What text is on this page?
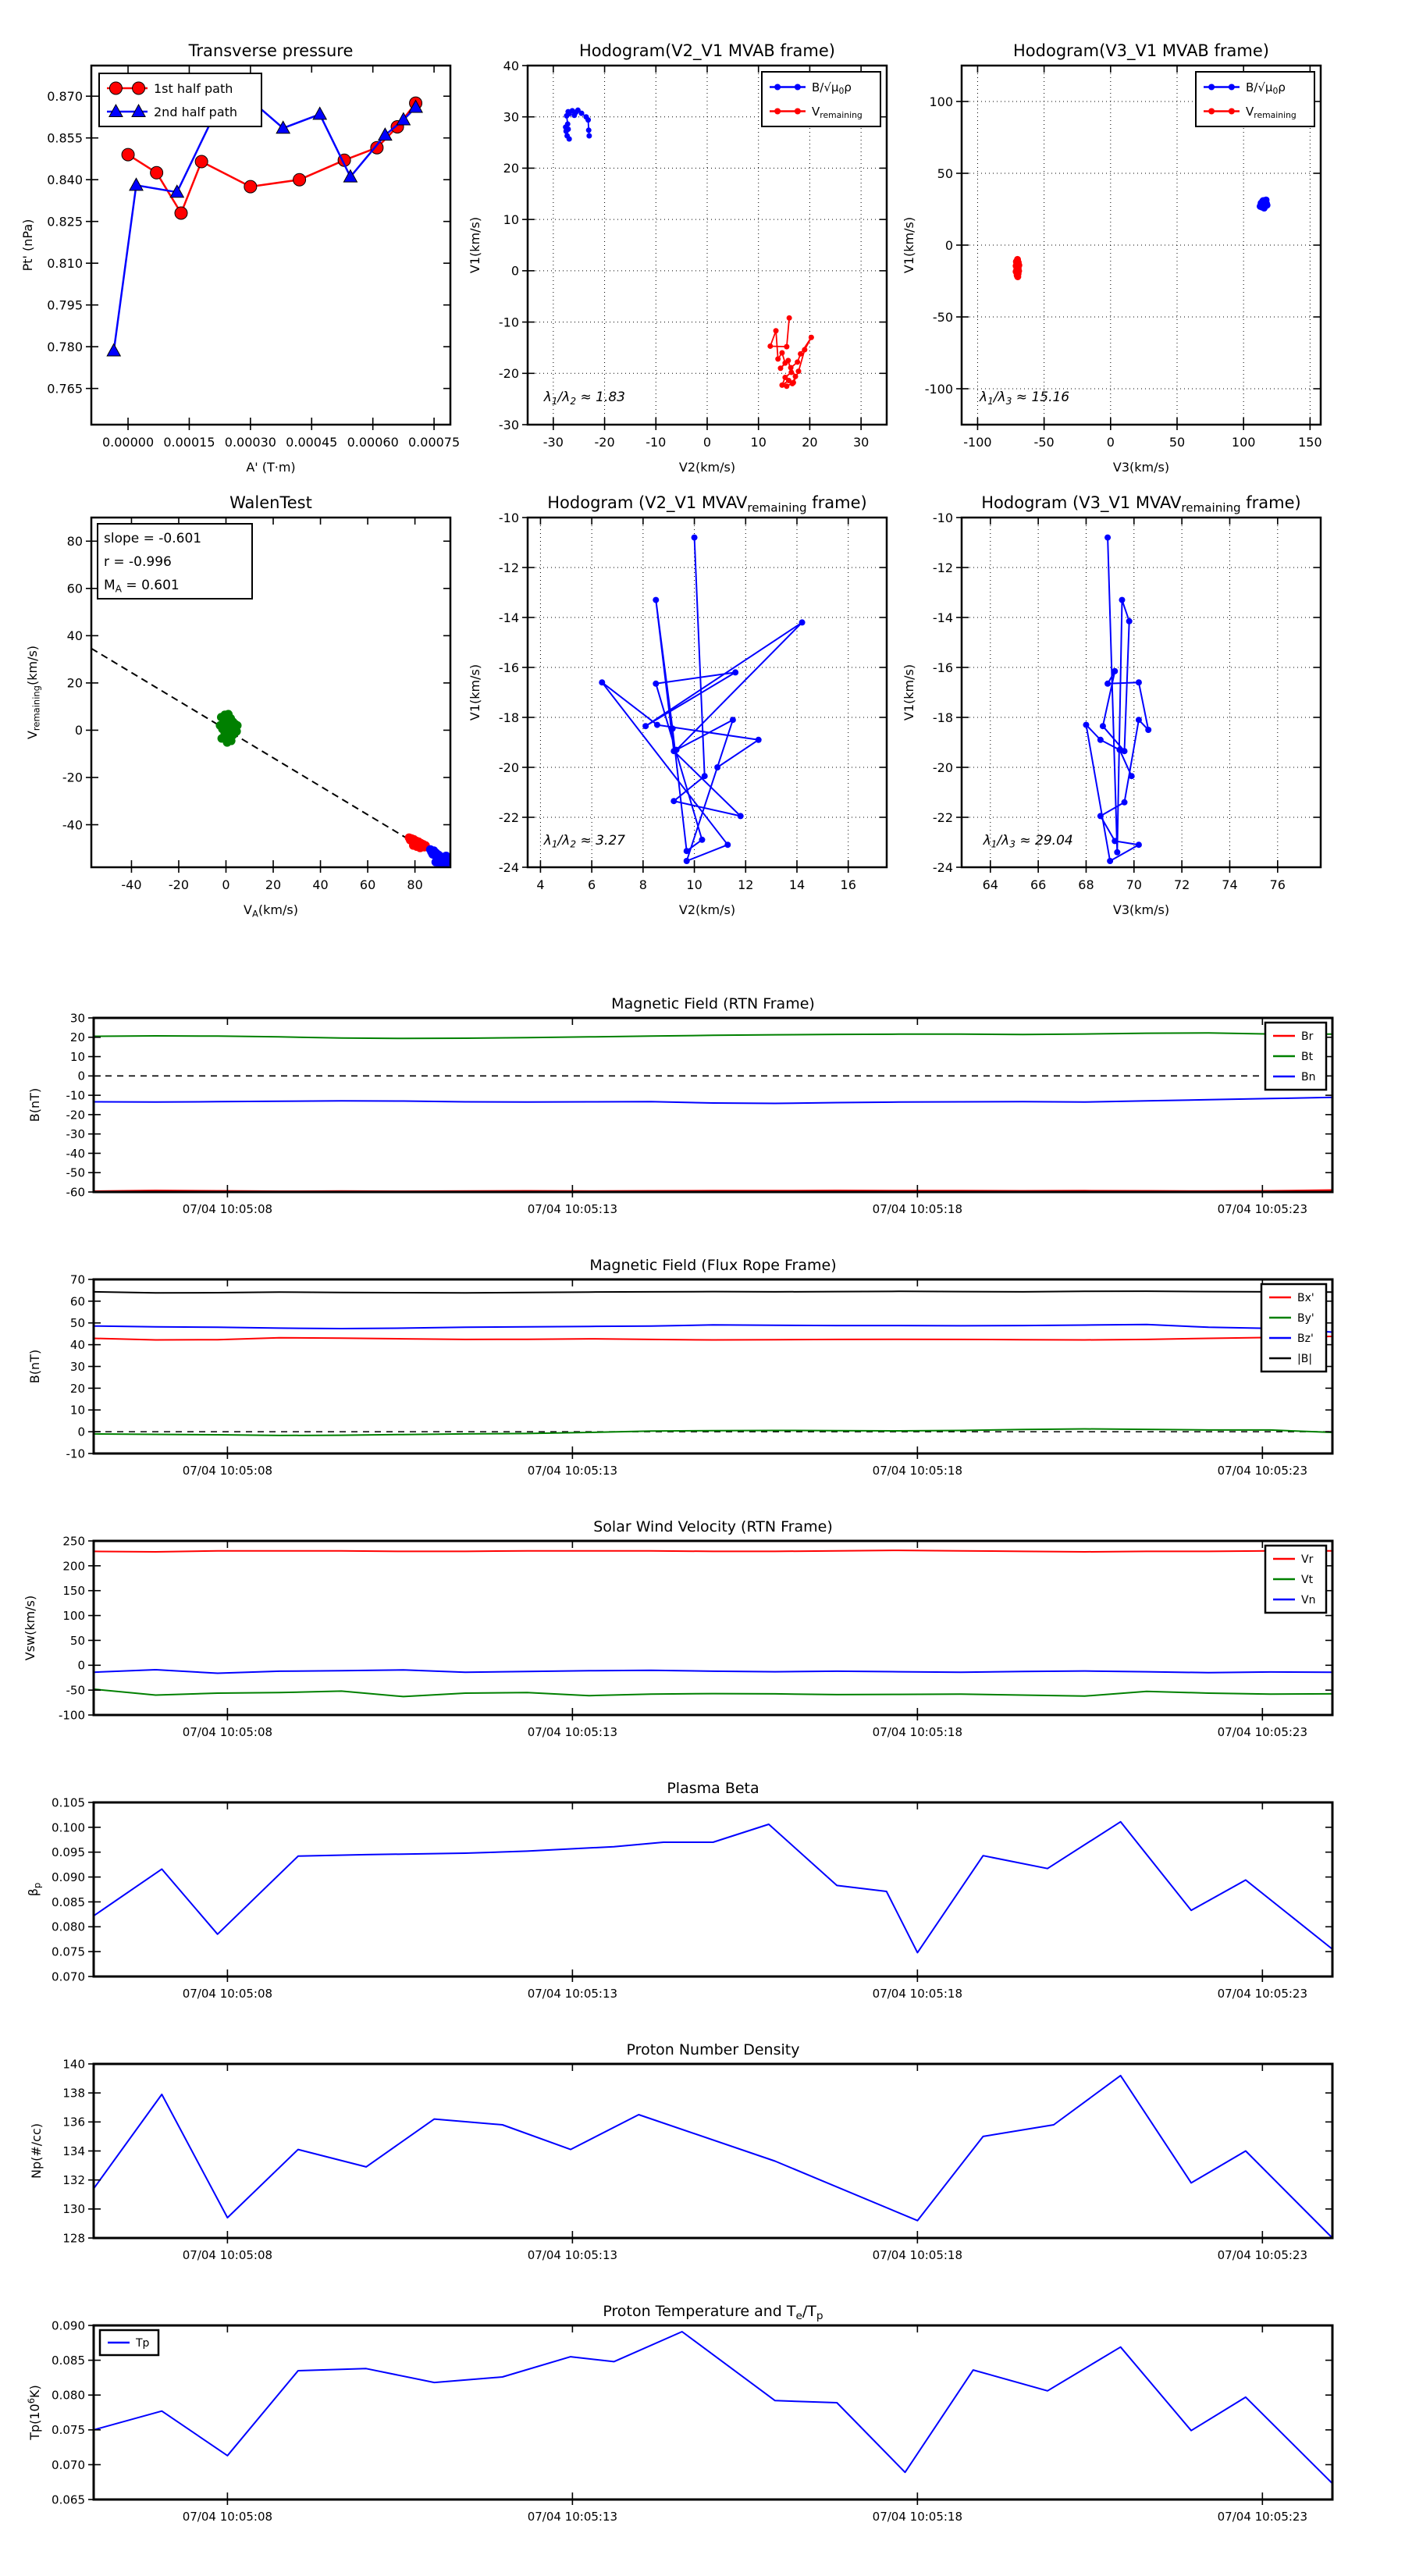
0.00000 0.00015 0.00030 0.00045 0.00060 0.00075
0.765
0.780
0.795
0.810
0.825
0.840
0.855
0.870
Transverse pressure
A' (T·m)
Pt' (nPa)
1st half path
2nd half path
-30 -20 -10	0	10	20	30
-30
-20
-10
0
10
20
30
40
Hodogram(V2_V1 MVAB frame)
V2(km/s)
V1(km/s)
$\lambda_1/\lambda_2 \approx 1.83$
$B/√\mu_0\rho$
$V_{remaining}$
-100	-50	0	50	100	150
-100
-50
0
50
100
Hodogram(V3_V1 MVAB frame)
V3(km/s)
V1(km/s)
$\lambda_1/\lambda_3 \approx 15.16$
$B/√\mu_0\rho$
$V_{remaining}$
-40 -20	0	20	40	60	80
-40
-20
0
20
40
60
80
WalenTest
$V_A(km/s)$
$V_{remaining}(km/s)$
slope = -0.601
r = -0.996
$M_A = 0.601$
4	6	8	10	12	14	16
-24
-22
-20
-18
-16
-14
-12
-10
Hodogram (V2_V1 $MVAV_{remaining}$ frame)
V2(km/s)
V1(km/s)
$\lambda_1/\lambda_2 \approx 3.27$
64	66	68	70	72	74	76
-24
-22
-20
-18
-16
-14
-12
-10
Hodogram (V3_V1 $MVAV_{remaining}$ frame)
V3(km/s)
V1(km/s)
$\lambda_1/\lambda_3 \approx 29.04$
07/04 10:05:08	07/04 10:05:13	07/04 10:05:18	07/04 10:05:23
-60
-50
-40
-30
-20
-10
0
10
20
30
Magnetic Field (RTN Frame)
B(nT)
Br
Bt
Bn
07/04 10:05:08	07/04 10:05:13	07/04 10:05:18	07/04 10:05:23
-10
0
10
20
30
40
50
60
70
Magnetic Field (Flux Rope Frame)
B(nT)
Bx'
By'
Bz'
|B|
07/04 10:05:08	07/04 10:05:13	07/04 10:05:18	07/04 10:05:23
-100
-50
0
50
100
150
200
250
Solar Wind Velocity (RTN Frame)
Vsw(km/s)
Vr
Vt
Vn
07/04 10:05:08	07/04 10:05:13	07/04 10:05:18	07/04 10:05:23
0.070
0.075
0.080
0.085
0.090
0.095
0.100
0.105
Plasma Beta
$\beta_p$
07/04 10:05:08	07/04 10:05:13	07/04 10:05:18	07/04 10:05:23
128
130
132
134
136
138
140
Proton Number Density
Np(#/cc)
07/04 10:05:08	07/04 10:05:13	07/04 10:05:18	07/04 10:05:23
0.065
0.070
0.075
0.080
0.085
0.090
Proton Temperature and $T_e/T_p$
$Tp(10^6K)$
Tp
